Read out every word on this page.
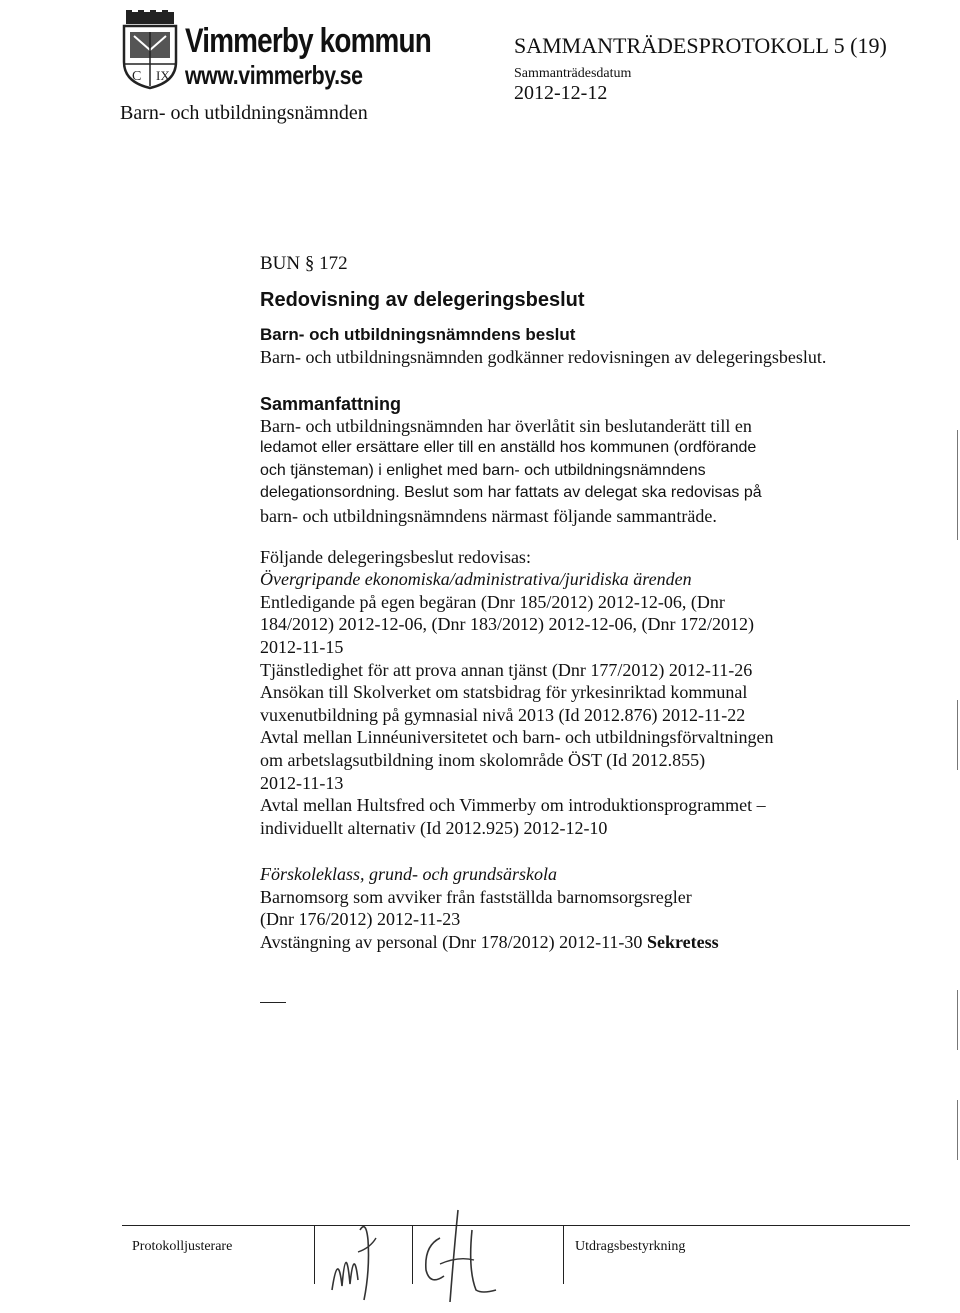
C IX
Vimmerby kommun
www.vimmerby.se
Barn- och utbildningsnämnden
SAMMANTRÄDESPROTOKOLL 5 (19)
Sammanträdesdatum
2012-12-12

BUN § 172

Redovisning av delegeringsbeslut

Barn- och utbildningsnämndens beslut

Barn- och utbildningsnämnden godkänner redovisningen av delegeringsbeslut.

Sammanfattning

Barn- och utbildningsnämnden har överlåtit sin beslutanderätt till en

ledamot eller ersättare eller till en anställd hos kommunen (ordförande

och tjänsteman) i enlighet med barn- och utbildningsnämndens

delegationsordning. Beslut som har fattats av delegat ska redovisas på

barn- och utbildningsnämndens närmast följande sammanträde.

Följande delegeringsbeslut redovisas:

Övergripande ekonomiska/administrativa/juridiska ärenden

Entledigande på egen begäran (Dnr 185/2012) 2012-12-06, (Dnr

184/2012) 2012-12-06, (Dnr 183/2012) 2012-12-06, (Dnr 172/2012)

2012-11-15

Tjänstledighet för att prova annan tjänst (Dnr 177/2012) 2012-11-26

Ansökan till Skolverket om statsbidrag för yrkesinriktad kommunal

vuxenutbildning på gymnasial nivå 2013 (Id 2012.876) 2012-11-22

Avtal mellan Linnéuniversitetet och barn- och utbildningsförvaltningen

om arbetslagsutbildning inom skolområde ÖST (Id 2012.855)

2012-11-13

Avtal mellan Hultsfred och Vimmerby om introduktionsprogrammet –

individuellt alternativ (Id 2012.925) 2012-12-10

Förskoleklass, grund- och grundsärskola

Barnomsorg som avviker från fastställda barnomsorgsregler

(Dnr 176/2012) 2012-11-23

Avstängning av personal (Dnr 178/2012) 2012-11-30 Sekretess

Protokolljusterare	Utdragsbestyrkning
